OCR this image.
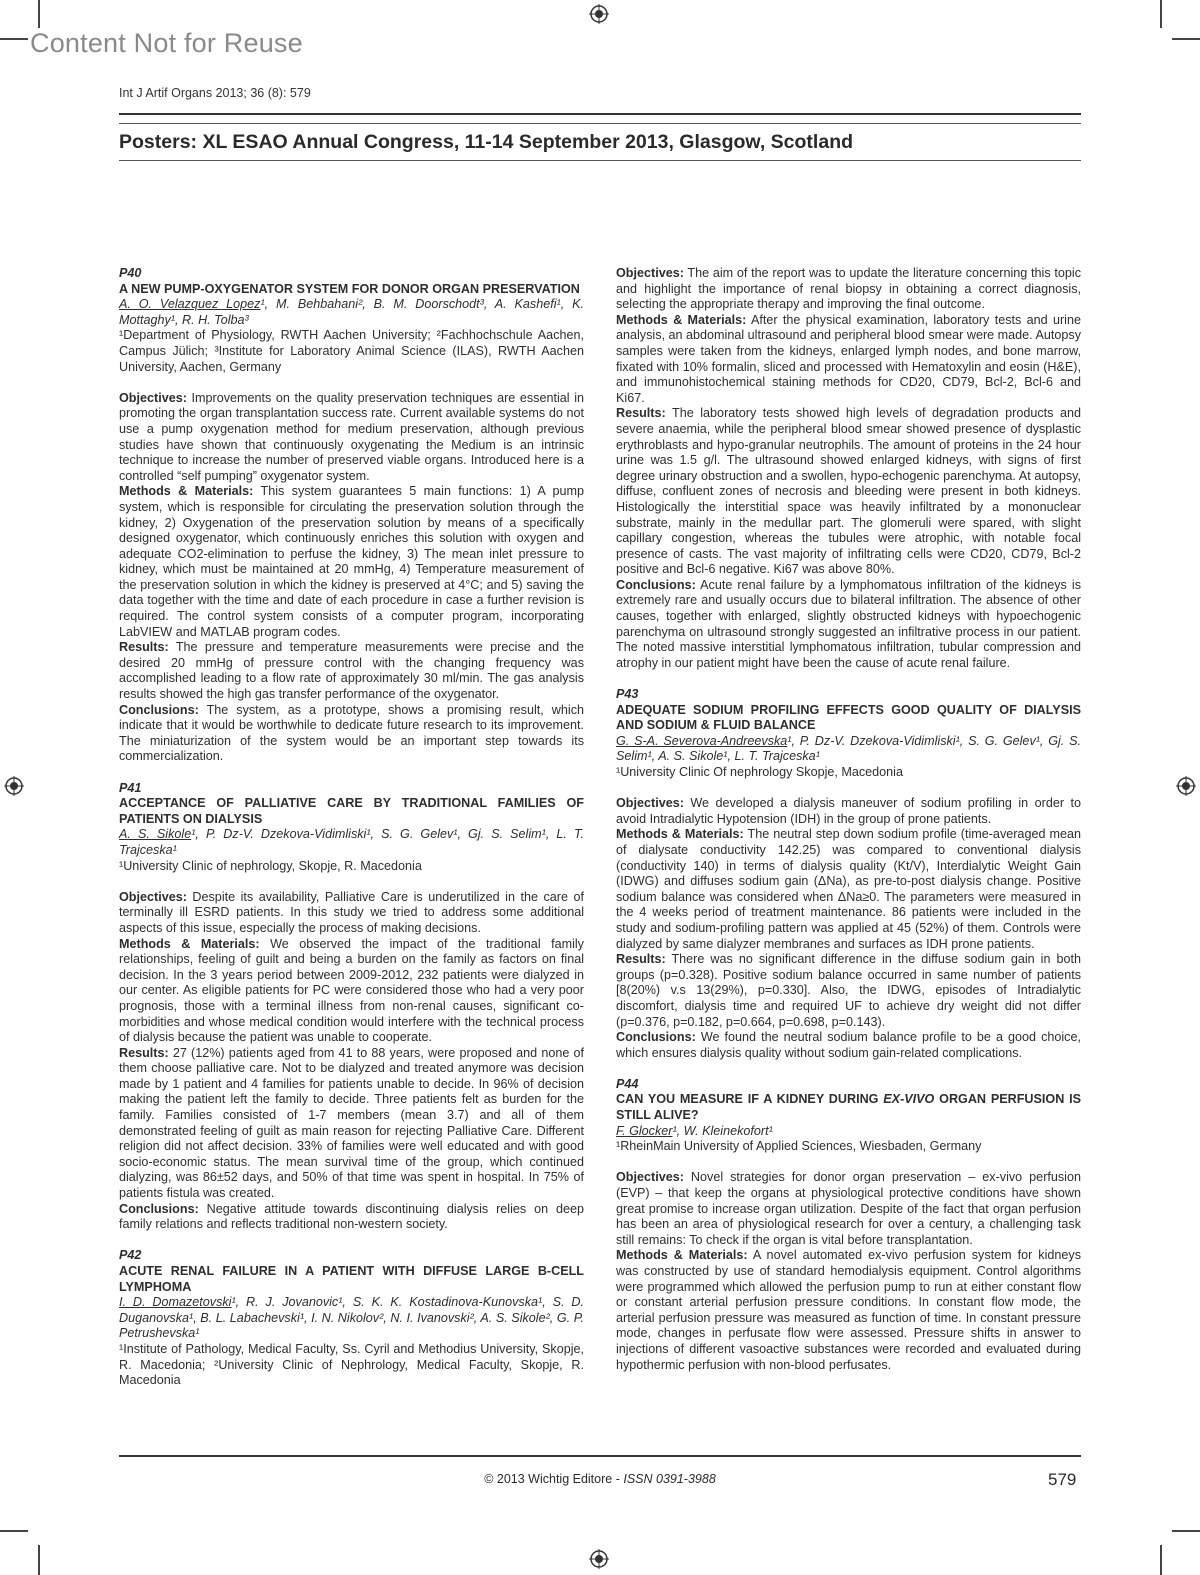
Content Not for Reuse
Int J Artif Organs 2013; 36 (8): 579
Posters: XL ESAO Annual Congress, 11-14 September 2013, Glasgow, Scotland

P40

A NEW PUMP-OXYGENATOR SYSTEM FOR DONOR ORGAN PRESERVATION

A. O. Velazquez Lopez¹, M. Behbahani², B. M. Doorschodt³, A. Kashefi¹, K. Mottaghy¹, R. H. Tolba³

¹Department of Physiology, RWTH Aachen University; ²Fachhochschule Aachen, Campus Jülich; ³Institute for Laboratory Animal Science (ILAS), RWTH Aachen University, Aachen, Germany

Objectives: Improvements on the quality preservation techniques are essential in promoting the organ transplantation success rate. Current available systems do not use a pump oxygenation method for medium preservation, although previous studies have shown that continuously oxygenating the Medium is an intrinsic technique to increase the number of preserved viable organs. Introduced here is a controlled “self pumping” oxygenator system.

Methods & Materials: This system guarantees 5 main functions: 1) A pump system, which is responsible for circulating the preservation solution through the kidney, 2) Oxygenation of the preservation solution by means of a specifically designed oxygenator, which continuously enriches this solution with oxygen and adequate CO2-elimination to perfuse the kidney, 3) The mean inlet pressure to kidney, which must be maintained at 20 mmHg, 4) Temperature measurement of the preservation solution in which the kidney is preserved at 4°C; and 5) saving the data together with the time and date of each procedure in case a further revision is required. The control system consists of a computer program, incorporating LabVIEW and MATLAB program codes.

Results: The pressure and temperature measurements were precise and the desired 20 mmHg of pressure control with the changing frequency was accomplished leading to a flow rate of approximately 30 ml/min. The gas analysis results showed the high gas transfer performance of the oxygenator.

Conclusions: The system, as a prototype, shows a promising result, which indicate that it would be worthwhile to dedicate future research to its improvement. The miniaturization of the system would be an important step towards its commercialization.

P41

ACCEPTANCE OF PALLIATIVE CARE BY TRADITIONAL FAMILIES OF PATIENTS ON DIALYSIS

A. S. Sikole¹, P. Dz-V. Dzekova-Vidimliski¹, S. G. Gelev¹, Gj. S. Selim¹, L. T. Trajceska¹

¹University Clinic of nephrology, Skopje, R. Macedonia

Objectives: Despite its availability, Palliative Care is underutilized in the care of terminally ill ESRD patients. In this study we tried to address some additional aspects of this issue, especially the process of making decisions.

Methods & Materials: We observed the impact of the traditional family relationships, feeling of guilt and being a burden on the family as factors on final decision. In the 3 years period between 2009-2012, 232 patients were dialyzed in our center. As eligible patients for PC were considered those who had a very poor prognosis, those with a terminal illness from non-renal causes, significant co-morbidities and whose medical condition would interfere with the technical process of dialysis because the patient was unable to cooperate.

Results: 27 (12%) patients aged from 41 to 88 years, were proposed and none of them choose palliative care. Not to be dialyzed and treated anymore was decision made by 1 patient and 4 families for patients unable to decide. In 96% of decision making the patient left the family to decide. Three patients felt as burden for the family. Families consisted of 1-7 members (mean 3.7) and all of them demonstrated feeling of guilt as main reason for rejecting Palliative Care. Different religion did not affect decision. 33% of families were well educated and with good socio-economic status. The mean survival time of the group, which continued dialyzing, was 86±52 days, and 50% of that time was spent in hospital. In 75% of patients fistula was created.

Conclusions: Negative attitude towards discontinuing dialysis relies on deep family relations and reflects traditional non-western society.

P42

ACUTE RENAL FAILURE IN A PATIENT WITH DIFFUSE LARGE B-CELL LYMPHOMA

I. D. Domazetovski¹, R. J. Jovanovic¹, S. K. K. Kostadinova-Kunovska¹, S. D. Duganovska¹, B. L. Labachevski¹, I. N. Nikolov², N. I. Ivanovski², A. S. Sikole², G. P. Petrushevska¹

¹Institute of Pathology, Medical Faculty, Ss. Cyril and Methodius University, Skopje, R. Macedonia; ²University Clinic of Nephrology, Medical Faculty, Skopje, R. Macedonia

Objectives: The aim of the report was to update the literature concerning this topic and highlight the importance of renal biopsy in obtaining a correct diagnosis, selecting the appropriate therapy and improving the final outcome.

Methods & Materials: After the physical examination, laboratory tests and urine analysis, an abdominal ultrasound and peripheral blood smear were made. Autopsy samples were taken from the kidneys, enlarged lymph nodes, and bone marrow, fixated with 10% formalin, sliced and processed with Hematoxylin and eosin (H&E), and immunohistochemical staining methods for CD20, CD79, Bcl-2, Bcl-6 and Ki67.

Results: The laboratory tests showed high levels of degradation products and severe anaemia, while the peripheral blood smear showed presence of dysplastic erythroblasts and hypo-granular neutrophils. The amount of proteins in the 24 hour urine was 1.5 g/l. The ultrasound showed enlarged kidneys, with signs of first degree urinary obstruction and a swollen, hypo-echogenic parenchyma. At autopsy, diffuse, confluent zones of necrosis and bleeding were present in both kidneys. Histologically the interstitial space was heavily infiltrated by a mononuclear substrate, mainly in the medullar part. The glomeruli were spared, with slight capillary congestion, whereas the tubules were atrophic, with notable focal presence of casts. The vast majority of infiltrating cells were CD20, CD79, Bcl-2 positive and Bcl-6 negative. Ki67 was above 80%.

Conclusions: Acute renal failure by a lymphomatous infiltration of the kidneys is extremely rare and usually occurs due to bilateral infiltration. The absence of other causes, together with enlarged, slightly obstructed kidneys with hypoechogenic parenchyma on ultrasound strongly suggested an infiltrative process in our patient. The noted massive interstitial lymphomatous infiltration, tubular compression and atrophy in our patient might have been the cause of acute renal failure.

P43

ADEQUATE SODIUM PROFILING EFFECTS GOOD QUALITY OF DIALYSIS AND SODIUM & FLUID BALANCE

G. S-A. Severova-Andreevska¹, P. Dz-V. Dzekova-Vidimliski¹, S. G. Gelev¹, Gj. S. Selim¹, A. S. Sikole¹, L. T. Trajceska¹

¹University Clinic Of nephrology Skopje, Macedonia

Objectives: We developed a dialysis maneuver of sodium profiling in order to avoid Intradialytic Hypotension (IDH) in the group of prone patients.

Methods & Materials: The neutral step down sodium profile (time-averaged mean of dialysate conductivity 142.25) was compared to conventional dialysis (conductivity 140) in terms of dialysis quality (Kt/V), Interdialytic Weight Gain (IDWG) and diffuses sodium gain (ΔNa), as pre-to-post dialysis change. Positive sodium balance was considered when ΔNa≥0. The parameters were measured in the 4 weeks period of treatment maintenance. 86 patients were included in the study and sodium-profiling pattern was applied at 45 (52%) of them. Controls were dialyzed by same dialyzer membranes and surfaces as IDH prone patients.

Results: There was no significant difference in the diffuse sodium gain in both groups (p=0.328). Positive sodium balance occurred in same number of patients [8(20%) v.s 13(29%), p=0.330]. Also, the IDWG, episodes of Intradialytic discomfort, dialysis time and required UF to achieve dry weight did not differ (p=0.376, p=0.182, p=0.664, p=0.698, p=0.143).

Conclusions: We found the neutral sodium balance profile to be a good choice, which ensures dialysis quality without sodium gain-related complications.

P44

CAN YOU MEASURE IF A KIDNEY DURING EX-VIVO ORGAN PERFUSION IS STILL ALIVE?

F. Glocker¹, W. Kleinekofort¹

¹RheinMain University of Applied Sciences, Wiesbaden, Germany

Objectives: Novel strategies for donor organ preservation – ex-vivo perfusion (EVP) – that keep the organs at physiological protective conditions have shown great promise to increase organ utilization. Despite of the fact that organ perfusion has been an area of physiological research for over a century, a challenging task still remains: To check if the organ is vital before transplantation.

Methods & Materials: A novel automated ex-vivo perfusion system for kidneys was constructed by use of standard hemodialysis equipment. Control algorithms were programmed which allowed the perfusion pump to run at either constant flow or constant arterial perfusion pressure conditions. In constant flow mode, the arterial perfusion pressure was measured as function of time. In constant pressure mode, changes in perfusate flow were assessed. Pressure shifts in answer to injections of different vasoactive substances were recorded and evaluated during hypothermic perfusion with non-blood perfusates.

© 2013 Wichtig Editore - ISSN 0391-3988	579
